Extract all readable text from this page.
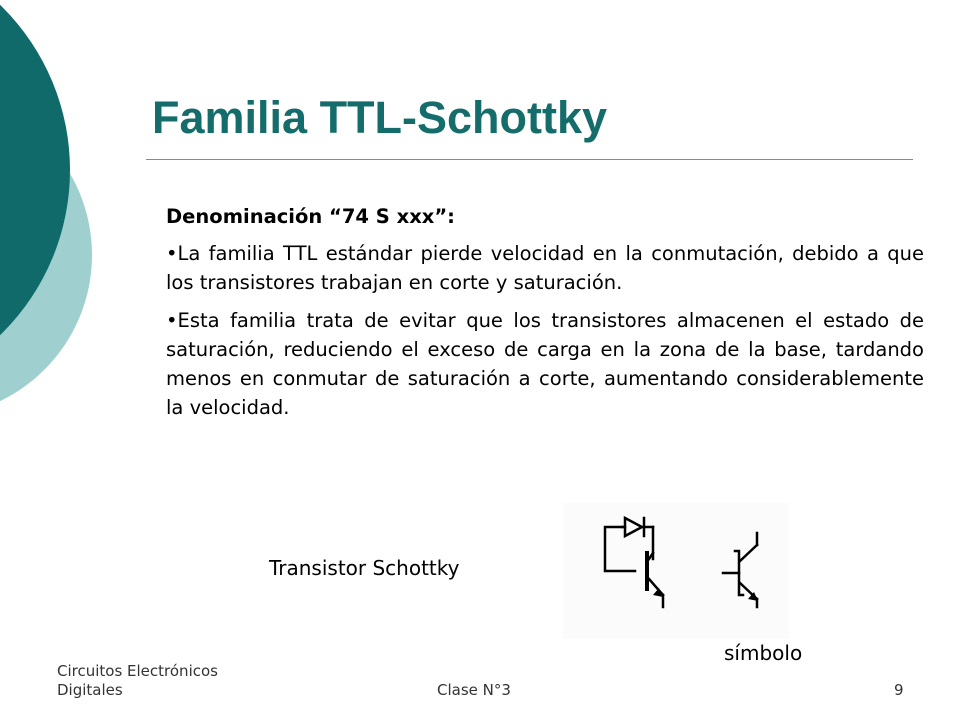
Familia TTL-Schottky
Denominación “74 S xxx”:

•La familia TTL estándar pierde velocidad en la conmutación, debido a que los transistores trabajan en corte y saturación.

•Esta familia trata de evitar que los transistores almacenen el estado de saturación, reduciendo el exceso de carga en la zona de la base, tardando menos en conmutar de saturación a corte, aumentando considerablemente la velocidad.

Transistor Schottky
símbolo
Circuitos Electrónicos Digitales	Clase N°3	9
